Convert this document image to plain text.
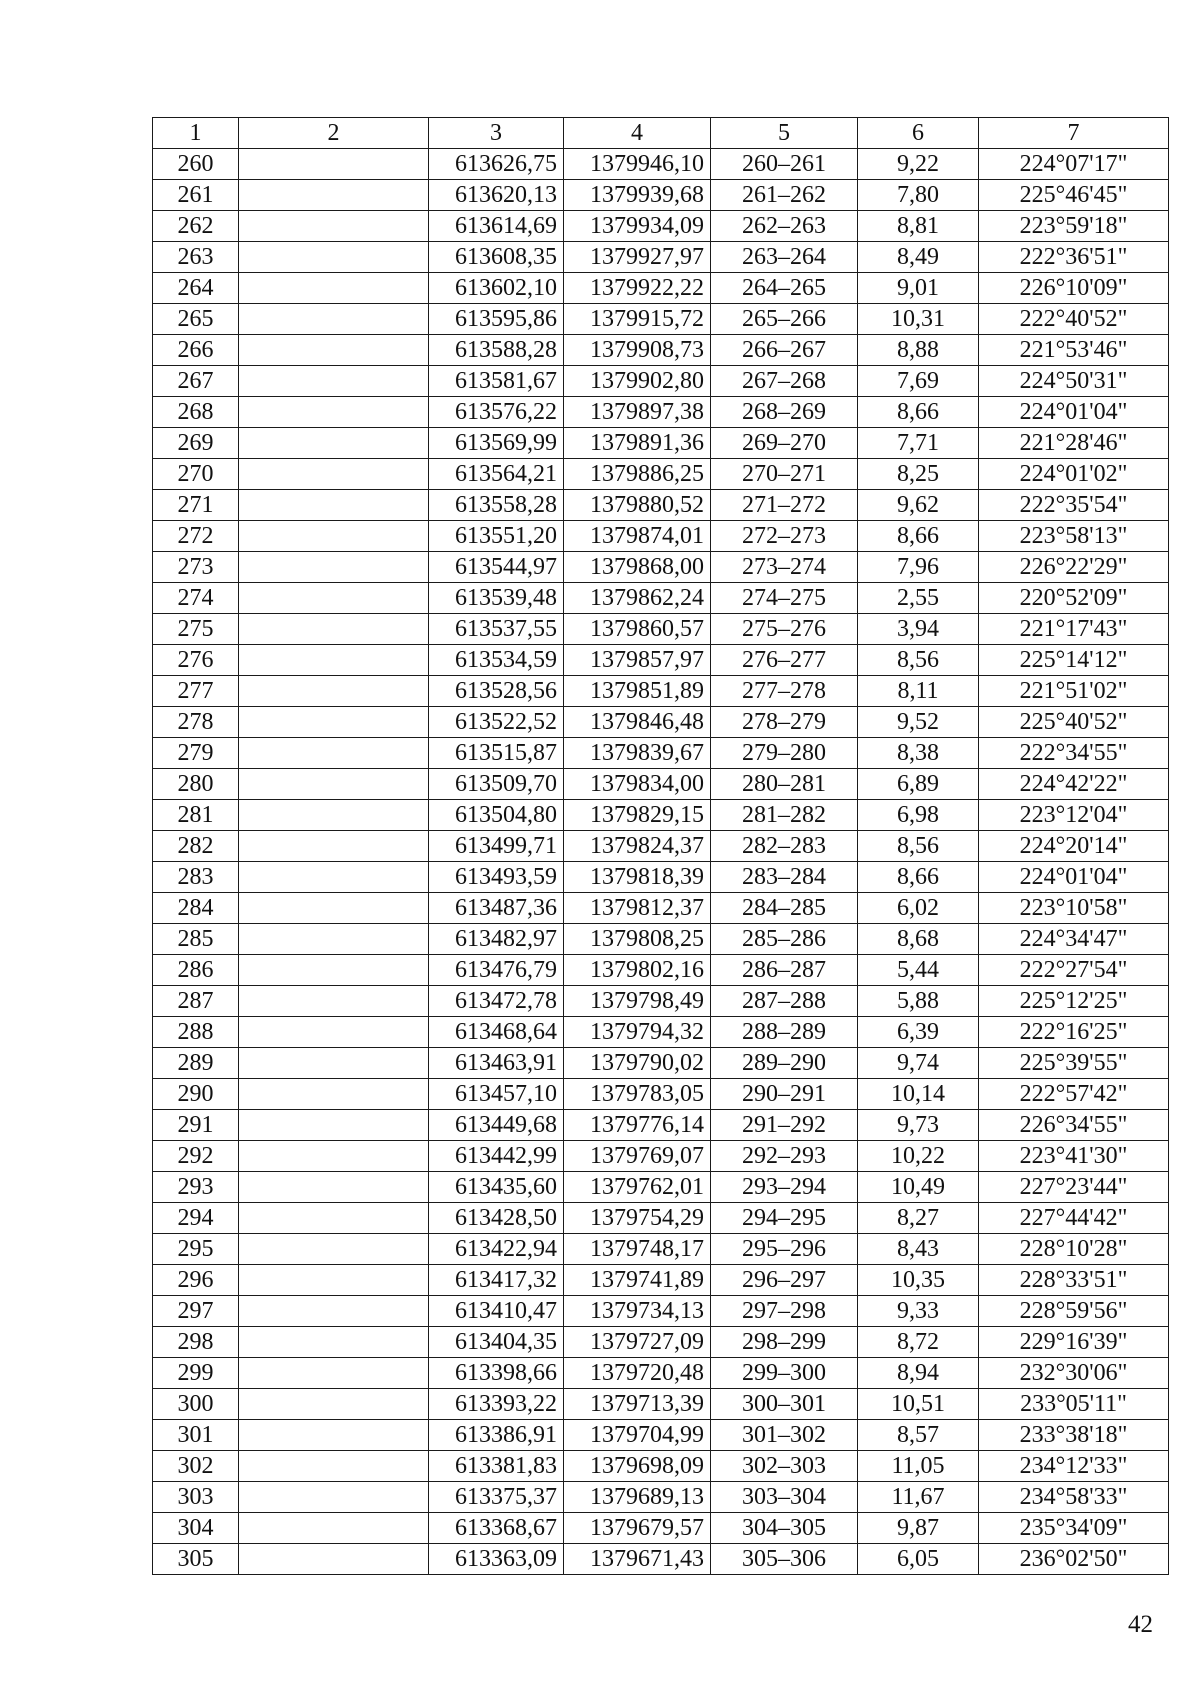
1	2	3	4	5	6	7
260		613626,75	1379946,10	260–261	9,22	224°07'17"
261		613620,13	1379939,68	261–262	7,80	225°46'45"
262		613614,69	1379934,09	262–263	8,81	223°59'18"
263		613608,35	1379927,97	263–264	8,49	222°36'51"
264		613602,10	1379922,22	264–265	9,01	226°10'09"
265		613595,86	1379915,72	265–266	10,31	222°40'52"
266		613588,28	1379908,73	266–267	8,88	221°53'46"
267		613581,67	1379902,80	267–268	7,69	224°50'31"
268		613576,22	1379897,38	268–269	8,66	224°01'04"
269		613569,99	1379891,36	269–270	7,71	221°28'46"
270		613564,21	1379886,25	270–271	8,25	224°01'02"
271		613558,28	1379880,52	271–272	9,62	222°35'54"
272		613551,20	1379874,01	272–273	8,66	223°58'13"
273		613544,97	1379868,00	273–274	7,96	226°22'29"
274		613539,48	1379862,24	274–275	2,55	220°52'09"
275		613537,55	1379860,57	275–276	3,94	221°17'43"
276		613534,59	1379857,97	276–277	8,56	225°14'12"
277		613528,56	1379851,89	277–278	8,11	221°51'02"
278		613522,52	1379846,48	278–279	9,52	225°40'52"
279		613515,87	1379839,67	279–280	8,38	222°34'55"
280		613509,70	1379834,00	280–281	6,89	224°42'22"
281		613504,80	1379829,15	281–282	6,98	223°12'04"
282		613499,71	1379824,37	282–283	8,56	224°20'14"
283		613493,59	1379818,39	283–284	8,66	224°01'04"
284		613487,36	1379812,37	284–285	6,02	223°10'58"
285		613482,97	1379808,25	285–286	8,68	224°34'47"
286		613476,79	1379802,16	286–287	5,44	222°27'54"
287		613472,78	1379798,49	287–288	5,88	225°12'25"
288		613468,64	1379794,32	288–289	6,39	222°16'25"
289		613463,91	1379790,02	289–290	9,74	225°39'55"
290		613457,10	1379783,05	290–291	10,14	222°57'42"
291		613449,68	1379776,14	291–292	9,73	226°34'55"
292		613442,99	1379769,07	292–293	10,22	223°41'30"
293		613435,60	1379762,01	293–294	10,49	227°23'44"
294		613428,50	1379754,29	294–295	8,27	227°44'42"
295		613422,94	1379748,17	295–296	8,43	228°10'28"
296		613417,32	1379741,89	296–297	10,35	228°33'51"
297		613410,47	1379734,13	297–298	9,33	228°59'56"
298		613404,35	1379727,09	298–299	8,72	229°16'39"
299		613398,66	1379720,48	299–300	8,94	232°30'06"
300		613393,22	1379713,39	300–301	10,51	233°05'11"
301		613386,91	1379704,99	301–302	8,57	233°38'18"
302		613381,83	1379698,09	302–303	11,05	234°12'33"
303		613375,37	1379689,13	303–304	11,67	234°58'33"
304		613368,67	1379679,57	304–305	9,87	235°34'09"
305		613363,09	1379671,43	305–306	6,05	236°02'50"
42
